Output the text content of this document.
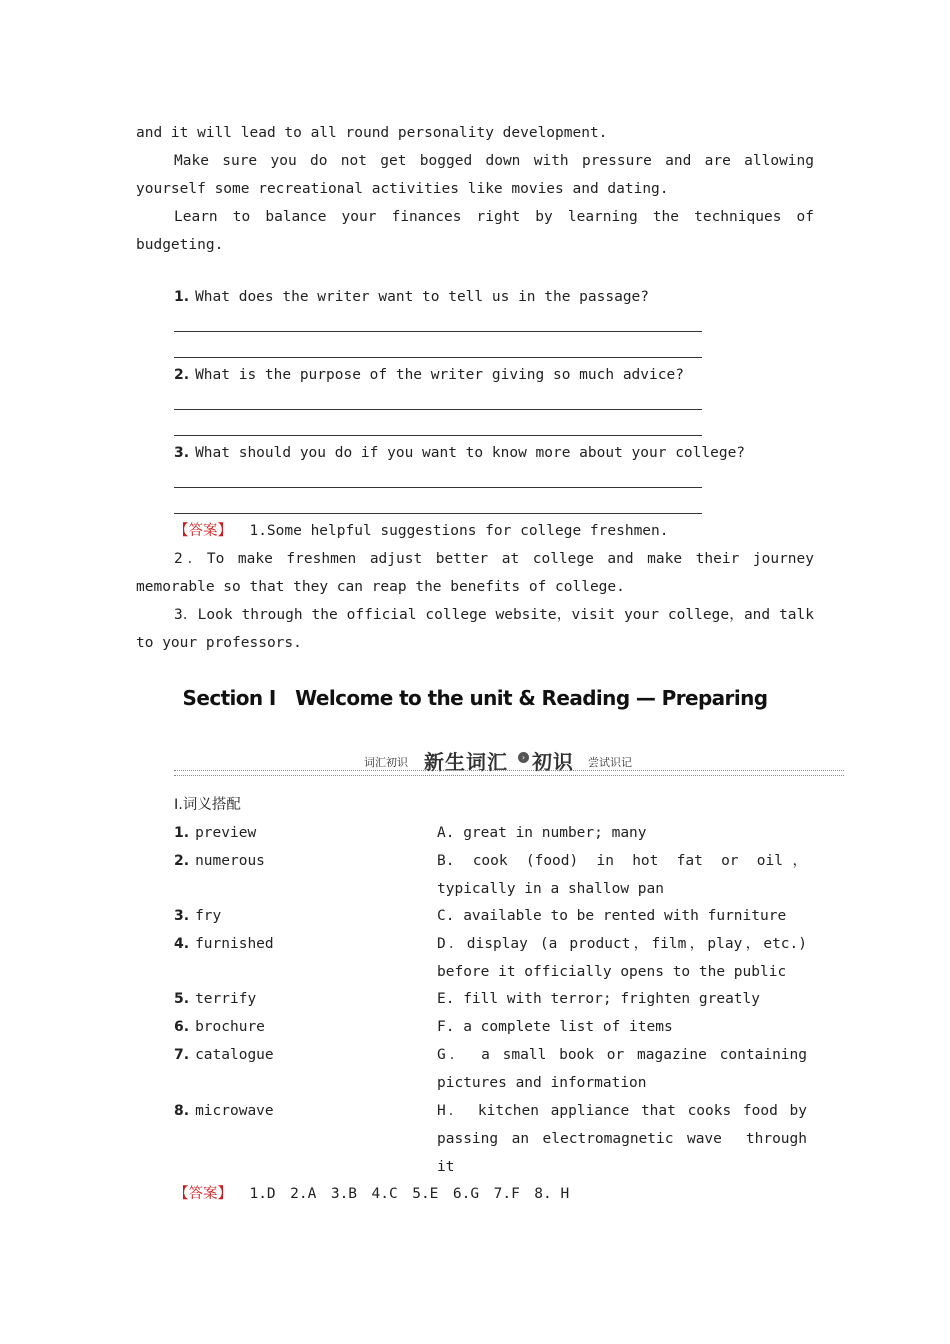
and it will lead to all round personality development.
Make sure you do not get bogged down with pressure and are allowing yourself some recreational activities like movies and dating.
Learn to balance your finances right by learning the techniques of budgeting.
1. What does the writer want to tell us in the passage?
2. What is the purpose of the writer giving so much advice?
3. What should you do if you want to know more about your college?
【答案】 1.Some helpful suggestions for college freshmen.
2．To make freshmen adjust better at college and make their journey memorable so that they can reap the benefits of college.
3．Look through the official college website，visit your college，and talk to your professors.
Section Ⅰ　Welcome to the unit & Reading — Preparing
词汇初识 新生词汇	› 初识 尝试识记
Ⅰ.词义搭配
1. preview	A. great in number; many
2. numerous	B. cook (food) in hot fat or oil，typically in a shallow pan
3. fry	C. available to be rented with furniture
4. furnished	D．display (a product，film，play，etc.) before it officially opens to the public
5. terrify	E. fill with terror; frighten greatly
6. brochure	F. a complete list of items
7. catalogue	G． a small book or magazine containing pictures and information
8. microwave	H． kitchen appliance that cooks food by passing an electromagnetic wave　through it
【答案】 1.D　2.A　3.B　4.C　5.E　6.G　7.F　8. H
